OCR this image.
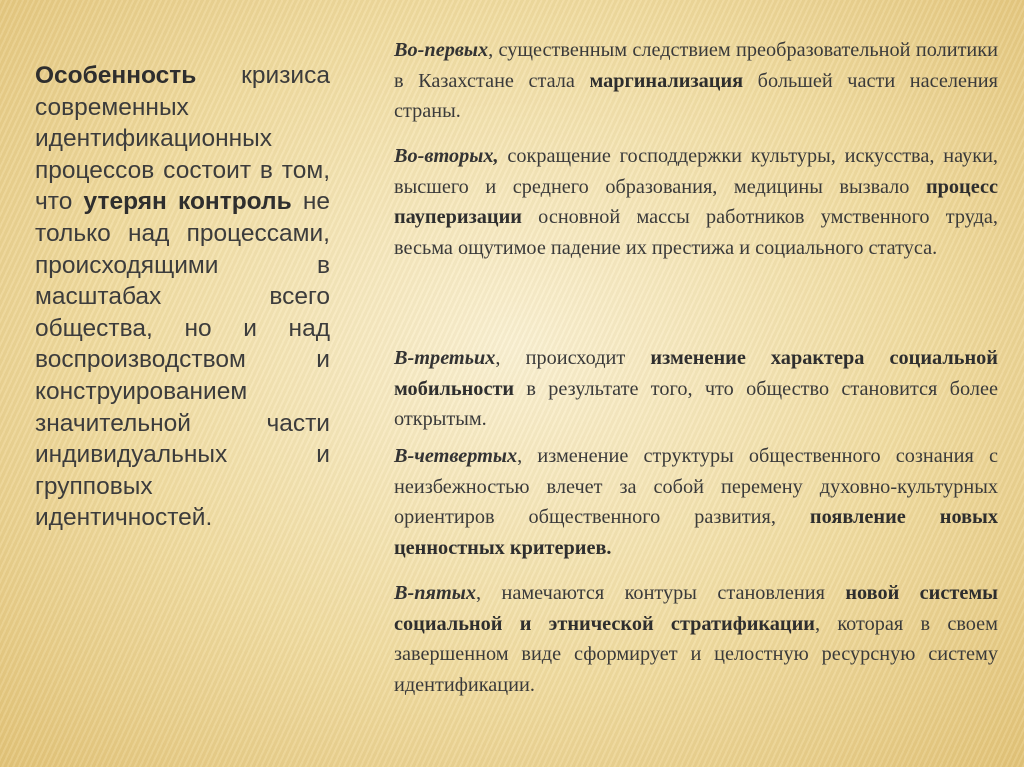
Особенность кризиса современных идентификационных процессов состоит в том, что утерян контроль не только над процессами, происходящими в масштабах всего общества, но и над воспроизводством и конструированием значительной части индивидуальных и групповых идентичностей.
Во-первых, существенным следствием преобразовательной политики в Казахстане стала маргинализация большей части населения страны.
Во-вторых, сокращение господдержки культуры, искусства, науки, высшего и среднего образования, медицины вызвало процесс пауперизации основной массы работников умственного труда, весьма ощутимое падение их престижа и социального статуса.
В-третьих, происходит изменение характера социальной мобильности в результате того, что общество становится более открытым.
В-четвертых, изменение структуры общественного сознания с неизбежностью влечет за собой перемену духовно-культурных ориентиров общественного развития, появление новых ценностных критериев.
В-пятых, намечаются контуры становления новой системы социальной и этнической стратификации, которая в своем завершенном виде сформирует и целостную ресурсную систему идентификации.
